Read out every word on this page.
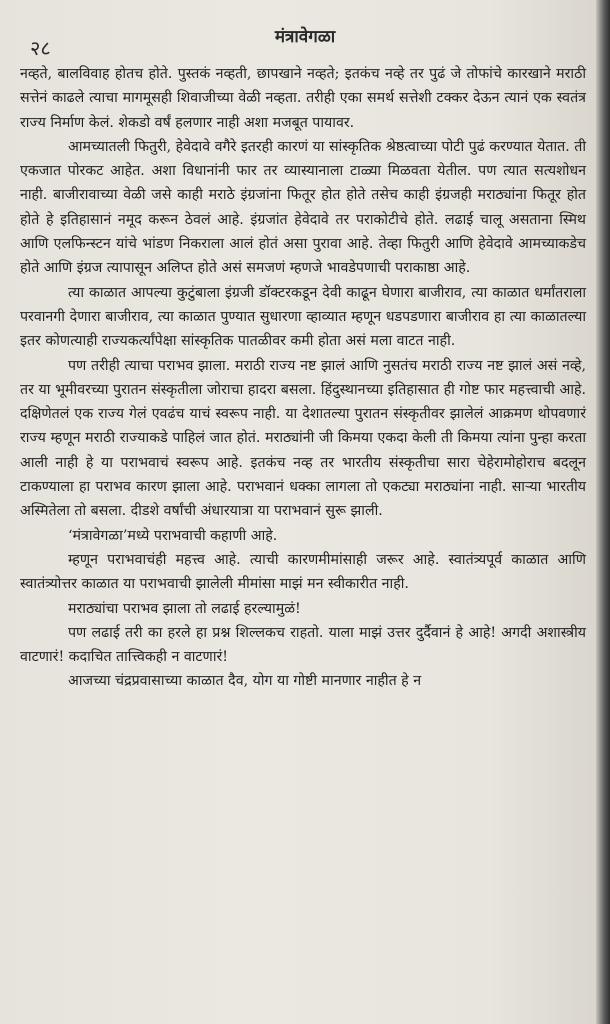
मंत्रावेगळा
२८

नव्हते, बालविवाह होतच होते. पुस्तकं नव्हती, छापखाने नव्हते; इतकंच नव्हे तर पुढं जे तोफांचे कारखाने मराठी सत्तेनं काढले त्याचा मागमूसही शिवाजीच्या वेळी नव्हता. तरीही एका समर्थ सत्तेशी टक्कर देऊन त्यानं एक स्वतंत्र राज्य निर्माण केलं. शेकडो वर्षं हलणार नाही अशा मजबूत पायावर.

आमच्यातली फितुरी, हेवेदावे वगैरे इतरही कारणं या सांस्कृतिक श्रेष्ठत्वाच्या पोटी पुढं करण्यात येतात. ती एकजात पोरकट आहेत. अशा विधानांनी फार तर व्यास्यानाला टाळ्या मिळवता येतील. पण त्यात सत्यशोधन नाही. बाजीरावाच्या वेळी जसे काही मराठे इंग्रजांना फितूर होत होते तसेच काही इंग्रजही मराठ्यांना फितूर होत होते हे इतिहासानं नमूद करून ठेवलं आहे. इंग्रजांत हेवेदावे तर पराकोटीचे होते. लढाई चालू असताना स्मिथ आणि एलफिन्स्टन यांचे भांडण निकराला आलं होतं असा पुरावा आहे. तेव्हा फितुरी आणि हेवेदावे आमच्याकडेच होते आणि इंग्रज त्यापासून अलिप्त होते असं समजणं म्हणजे भावडेपणाची पराकाष्ठा आहे.

त्या काळात आपल्या कुटुंबाला इंग्रजी डॉक्टरकडून देवी काढून घेणारा बाजीराव, त्या काळात धर्मांतराला परवानगी देणारा बाजीराव, त्या काळात पुण्यात सुधारणा व्हाव्यात म्हणून धडपडणारा बाजीराव हा त्या काळातल्या इतर कोणत्याही राज्यकर्त्यांपेक्षा सांस्कृतिक पातळीवर कमी होता असं मला वाटत नाही.

पण तरीही त्याचा पराभव झाला. मराठी राज्य नष्ट झालं आणि नुसतंच मराठी राज्य नष्ट झालं असं नव्हे, तर या भूमीवरच्या पुरातन संस्कृतीला जोराचा हादरा बसला. हिंदुस्थानच्या इतिहासात ही गोष्ट फार महत्त्वाची आहे. दक्षिणेतलं एक राज्य गेलं एवढंच याचं स्वरूप नाही. या देशातल्या पुरातन संस्कृतीवर झालेलं आक्रमण थोपवणारं राज्य म्हणून मराठी राज्याकडे पाहिलं जात होतं. मराठ्यांनी जी किमया एकदा केली ती किमया त्यांना पुन्हा करता आली नाही हे या पराभवाचं स्वरूप आहे. इतकंच नव्ह तर भारतीय संस्कृतीचा सारा चेहेरामोहोराच बदलून टाकण्याला हा पराभव कारण झाला आहे. पराभवानं धक्का लागला तो एकट्या मराठ्यांना नाही. साऱ्या भारतीय अस्मितेला तो बसला. दीडशे वर्षांची अंधारयात्रा या पराभवानं सुरू झाली.

‘मंत्रावेगळा’मध्ये पराभवाची कहाणी आहे.

म्हणून पराभवाचंही महत्त्व आहे. त्याची कारणमीमांसाही जरूर आहे. स्वातंत्र्यपूर्व काळात आणि स्वातंत्र्योत्तर काळात या पराभवाची झालेली मीमांसा माझं मन स्वीकारीत नाही.

मराठ्यांचा पराभव झाला तो लढाई हरल्यामुळं!

पण लढाई तरी का हरले हा प्रश्न शिल्लकच राहतो. याला माझं उत्तर दुर्दैवानं हे आहे! अगदी अशास्त्रीय वाटणारं! कदाचित तात्त्विकही न वाटणारं!

आजच्या चंद्रप्रवासाच्या काळात दैव, योग या गोष्टी मानणार नाहीत हे न
